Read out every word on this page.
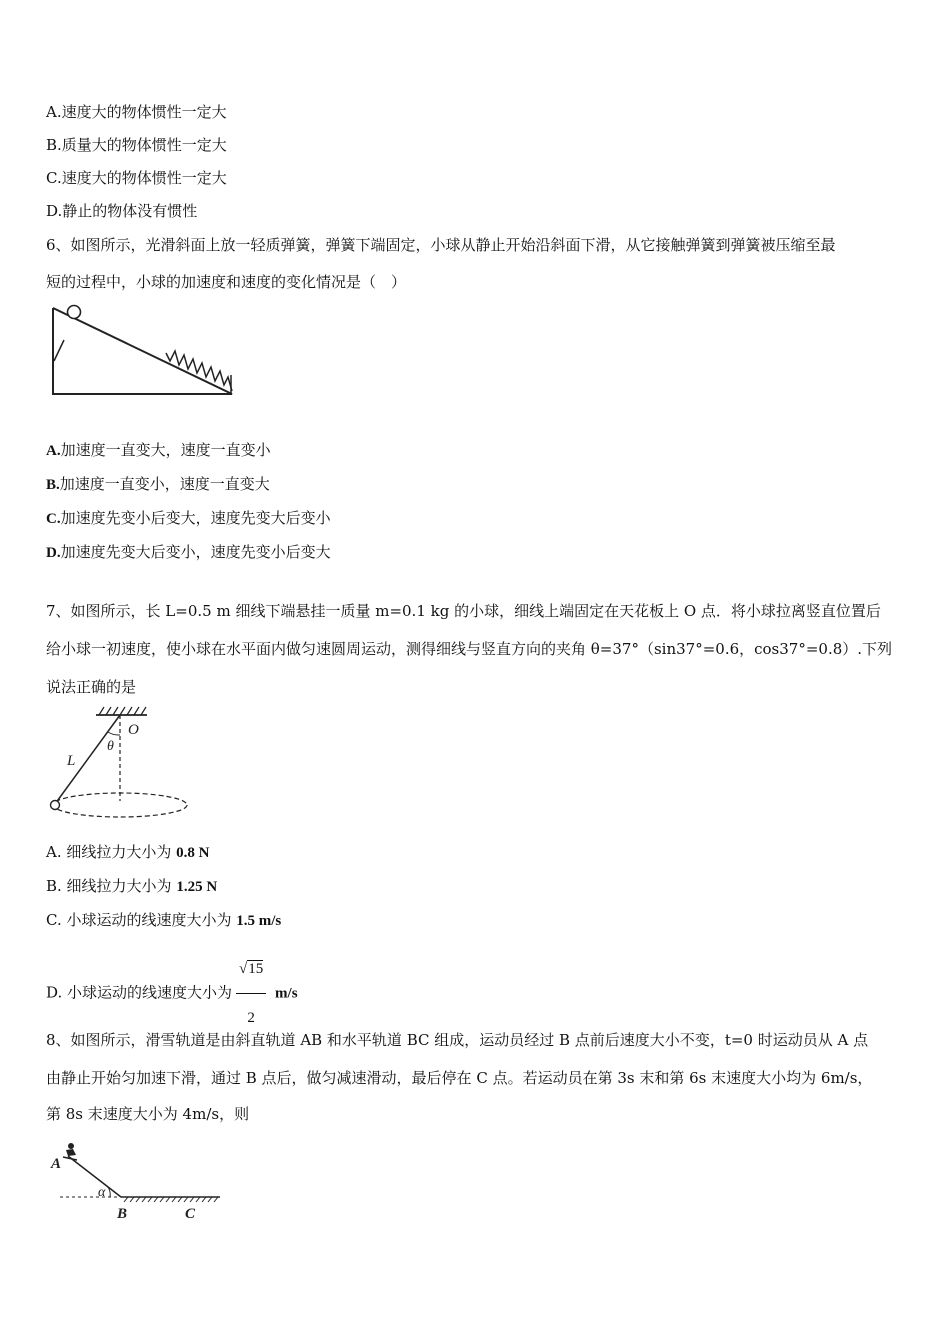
A.速度大的物体惯性一定大
B.质量大的物体惯性一定大
C.速度大的物体惯性一定大
D.静止的物体没有惯性
6、如图所示，光滑斜面上放一轻质弹簧，弹簧下端固定，小球从静止开始沿斜面下滑，从它接触弹簧到弹簧被压缩至最
短的过程中，小球的加速度和速度的变化情况是（　）
A.加速度一直变大，速度一直变小
B.加速度一直变小，速度一直变大
C.加速度先变小后变大，速度先变大后变小
D.加速度先变大后变小，速度先变小后变大
7、如图所示，长 L=0.5 m 细线下端悬挂一质量 m=0.1 kg 的小球，细线上端固定在天花板上 O 点．将小球拉离竖直位置后
给小球一初速度，使小球在水平面内做匀速圆周运动，测得细线与竖直方向的夹角 θ=37°（sin37°=0.6，cos37°=0.8）.下列
说法正确的是
O
θ
L
A. 细线拉力大小为 0.8 N
B. 细线拉力大小为 1.25 N
C. 小球运动的线速度大小为 1.5 m/s
D. 小球运动的线速度大小为 $\frac{√15}{2} m/s$
8、如图所示，滑雪轨道是由斜直轨道 AB 和水平轨道 BC 组成，运动员经过 B 点前后速度大小不变，t=0 时运动员从 A 点
由静止开始匀加速下滑，通过 B 点后，做匀减速滑动，最后停在 C 点。若运动员在第 3s 末和第 6s 末速度大小均为 6m/s，
第 8s 末速度大小为 4m/s，则
A
α
B	C
